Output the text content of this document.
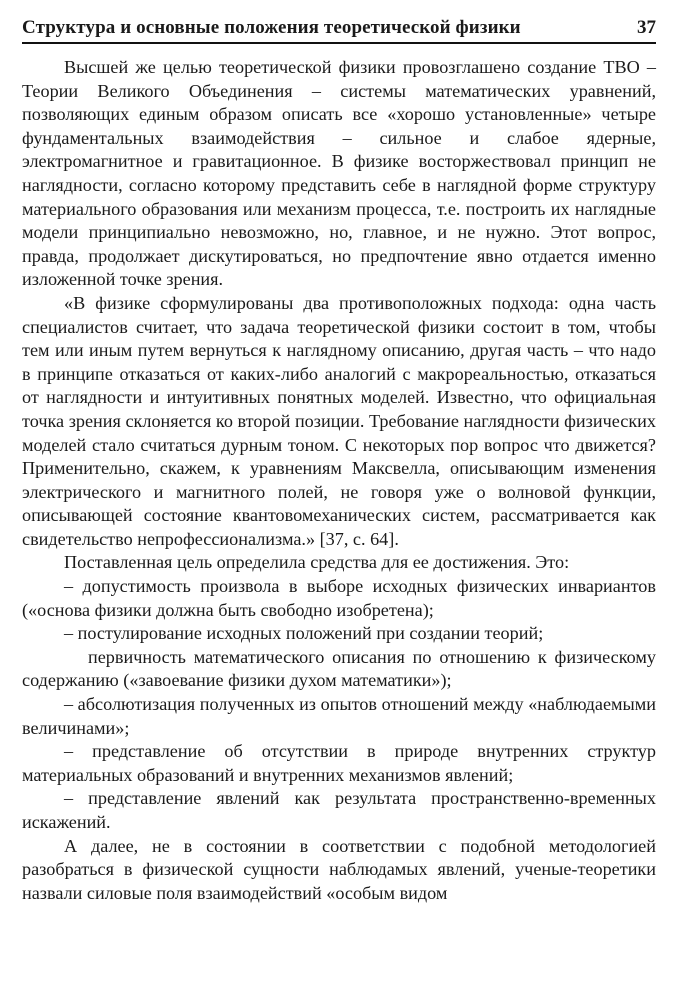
Структура и основные положения теоретической физики	37

Высшей же целью теоретической физики провозглашено создание ТВО – Теории Великого Объединения – системы математических уравнений, позволяющих единым образом описать все «хорошо установленные» четыре фундаментальных взаимодействия – сильное и слабое ядерные, электромагнитное и гравитационное. В физике восторжествовал принцип не наглядности, согласно которому представить себе в наглядной форме структуру материального образования или механизм процесса, т.е. построить их наглядные модели принципиально невозможно, но, главное, и не нужно. Этот вопрос, правда, продолжает дискутироваться, но предпочтение явно отдается именно изложенной точке зрения.

«В физике сформулированы два противоположных подхода: одна часть специалистов считает, что задача теоретической физики состоит в том, чтобы тем или иным путем вернуться к наглядному описанию, другая часть – что надо в принципе отказаться от каких-либо аналогий с макрореальностью, отказаться от наглядности и интуитивных понятных моделей. Известно, что официальная точка зрения склоняется ко второй позиции. Требование наглядности физических моделей стало считаться дурным тоном. С некоторых пор вопрос что движется? Применительно, скажем, к уравнениям Максвелла, описывающим изменения электрического и магнитного полей, не говоря уже о волновой функции, описывающей состояние квантовомеханических систем, рассматривается как свидетельство непрофессионализма.» [37, с. 64].

Поставленная цель определила средства для ее достижения. Это:

– допустимость произвола в выборе исходных физических инвариантов («основа физики должна быть свободно изобретена);

– постулирование исходных положений при создании теорий;

первичность математического описания по отношению к физическому содержанию («завоевание физики духом математики»);

– абсолютизация полученных из опытов отношений между «наблюдаемыми величинами»;

– представление об отсутствии в природе внутренних структур материальных образований и внутренних механизмов явлений;

– представление явлений как результата пространственно-временных искажений.

А далее, не в состоянии в соответствии с подобной методологией разобраться в физической сущности наблюдамых явлений, ученые-теоретики назвали силовые поля взаимодействий «особым видом
